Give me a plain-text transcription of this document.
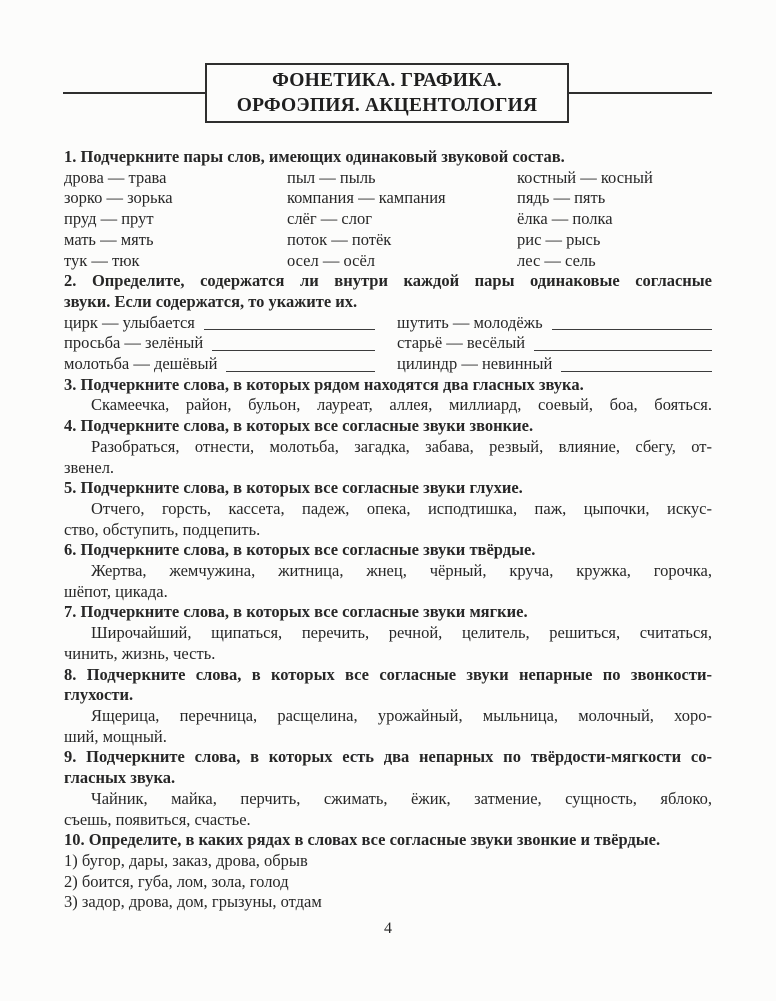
ФОНЕТИКА. ГРАФИКА.
ОРФОЭПИЯ. АКЦЕНТОЛОГИЯ
1. Подчеркните пары слов, имеющих одинаковый звуковой состав.
дрова — трава	пыл — пыль	костный — косный
зорко — зорька	компания — кампания	пядь — пять
пруд — прут	слёг — слог	ёлка — полка
мать — мять	поток — потёк	рис — рысь
тук — тюк	осел — осёл	лес — сель
2. Определите, содержатся ли внутри каждой пары одинаковые согласные
звуки. Если содержатся, то укажите их.
цирк — улыбается	шутить — молодёжь
просьба — зелёный	старьё — весёлый
молотьба — дешёвый	цилиндр — невинный
3. Подчеркните слова, в которых рядом находятся два гласных звука.
Скамеечка, район, бульон, лауреат, аллея, миллиард, соевый, боа, бояться.
4. Подчеркните слова, в которых все согласные звуки звонкие.
Разобраться, отнести, молотьба, загадка, забава, резвый, влияние, сбегу, от-
звенел.
5. Подчеркните слова, в которых все согласные звуки глухие.
Отчего, горсть, кассета, падеж, опека, исподтишка, паж, цыпочки, искус-
ство, обступить, подцепить.
6. Подчеркните слова, в которых все согласные звуки твёрдые.
Жертва, жемчужина, житница, жнец, чёрный, круча, кружка, горочка,
шёпот, цикада.
7. Подчеркните слова, в которых все согласные звуки мягкие.
Широчайший, щипаться, перечить, речной, целитель, решиться, считаться,
чинить, жизнь, честь.
8. Подчеркните слова, в которых все согласные звуки непарные по звонкости-
глухости.
Ящерица, перечница, расщелина, урожайный, мыльница, молочный, хоро-
ший, мощный.
9. Подчеркните слова, в которых есть два непарных по твёрдости-мягкости со-
гласных звука.
Чайник, майка, перчить, сжимать, ёжик, затмение, сущность, яблоко,
съешь, появиться, счастье.
10. Определите, в каких рядах в словах все согласные звуки звонкие и твёрдые.
1) бугор, дары, заказ, дрова, обрыв
2) боится, губа, лом, зола, голод
3) задор, дрова, дом, грызуны, отдам
4
